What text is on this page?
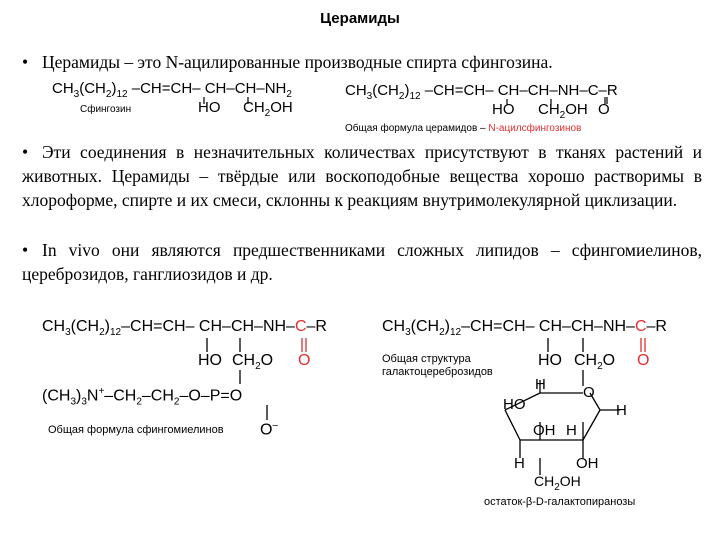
Церамиды
• Церамиды – это N-ацилированные производные спирта сфингозина.
$CH_3(CH_2)_{12}$ –CH=CH– $CH-CH-NH_2$
HO $CH_2OH$
Сфингозин
$CH_3(CH_2)_{12}$ –CH=CH– CH–CH–NH–C–R
HO $CH_2OH$ O
Общая формула церамидов – N-ацилсфингозинов
• Эти соединения в незначительных количествах присутствуют в тканях растений и животных. Церамиды – твёрдые или воскоподобные вещества хорошо растворимы в хлороформе, спирте и их смеси, склонны к реакциям внутримолекулярной циклизации.
• In vivo они являются предшественниками сложных липидов – сфингомиелинов, цереброзидов, ганглиозидов и др.
$CH_3(CH_2)_{12}-CH=CH-$ CH–CH–NH–C–R
HO $CH_2O$ O
$(CH_3)_3N^+-CH_2-CH_2-O-P=O$
Общая формула сфингомиелинов O–
$CH_3(CH_2)_{12}-CH=CH-$ CH–CH–NH–C–R
HO $CH_2O$ O
Общая структура
галактоцереброзидов
H O
HO
OH H
H
H	OH
$CH_2OH$
остаток-β-D-галактопиранозы
